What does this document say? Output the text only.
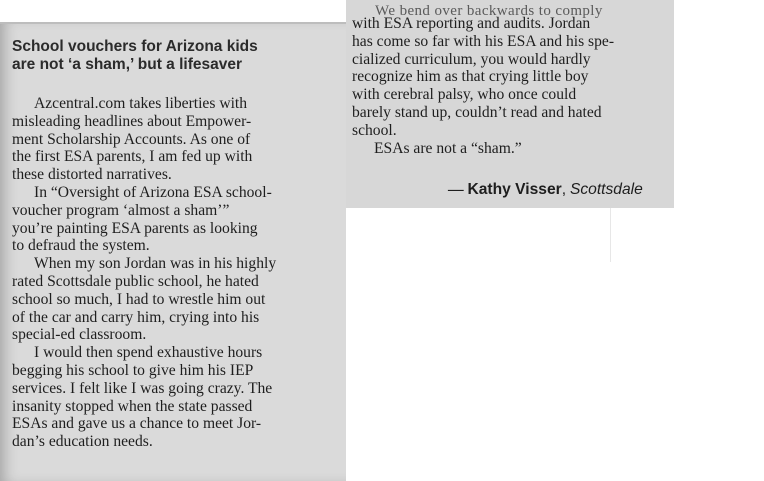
School vouchers for Arizona kids
are not ‘a sham,’ but a lifesaver

Azcentral.com takes liberties with
misleading headlines about Empower-
ment Scholarship Accounts. As one of
the first ESA parents, I am fed up with
these distorted narratives.

In “Oversight of Arizona ESA school-
voucher program ‘almost a sham’”
you’re painting ESA parents as looking
to defraud the system.

When my son Jordan was in his highly
rated Scottsdale public school, he hated
school so much, I had to wrestle him out
of the car and carry him, crying into his
special-ed classroom.

I would then spend exhaustive hours
begging his school to give him his IEP
services. I felt like I was going crazy. The
insanity stopped when the state passed
ESAs and gave us a chance to meet Jor-
dan’s education needs.

We bend over backwards to comply

with ESA reporting and audits. Jordan
has come so far with his ESA and his spe-
cialized curriculum, you would hardly
recognize him as that crying little boy
with cerebral palsy, who once could
barely stand up, couldn’t read and hated
school.

ESAs are not a “sham.”

— Kathy Visser, Scottsdale
